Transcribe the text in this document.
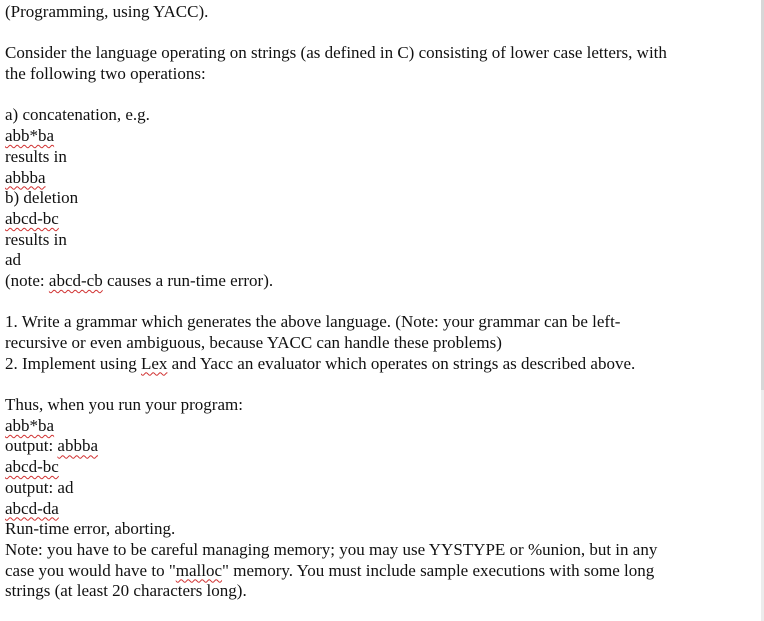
(Programming, using YACC).
Consider the language operating on strings (as defined in C) consisting of lower case letters, with
the following two operations:
a) concatenation, e.g.
abb*ba
results in
abbba
b) deletion
abcd-bc
results in
ad
(note: abcd-cb causes a run-time error).
1. Write a grammar which generates the above language. (Note: your grammar can be left-
recursive or even ambiguous, because YACC can handle these problems)
2. Implement using Lex and Yacc an evaluator which operates on strings as described above.
Thus, when you run your program:
abb*ba
output: abbba
abcd-bc
output: ad
abcd-da
Run-time error, aborting.
Note: you have to be careful managing memory; you may use YYSTYPE or %union, but in any
case you would have to "malloc" memory. You must include sample executions with some long
strings (at least 20 characters long).
